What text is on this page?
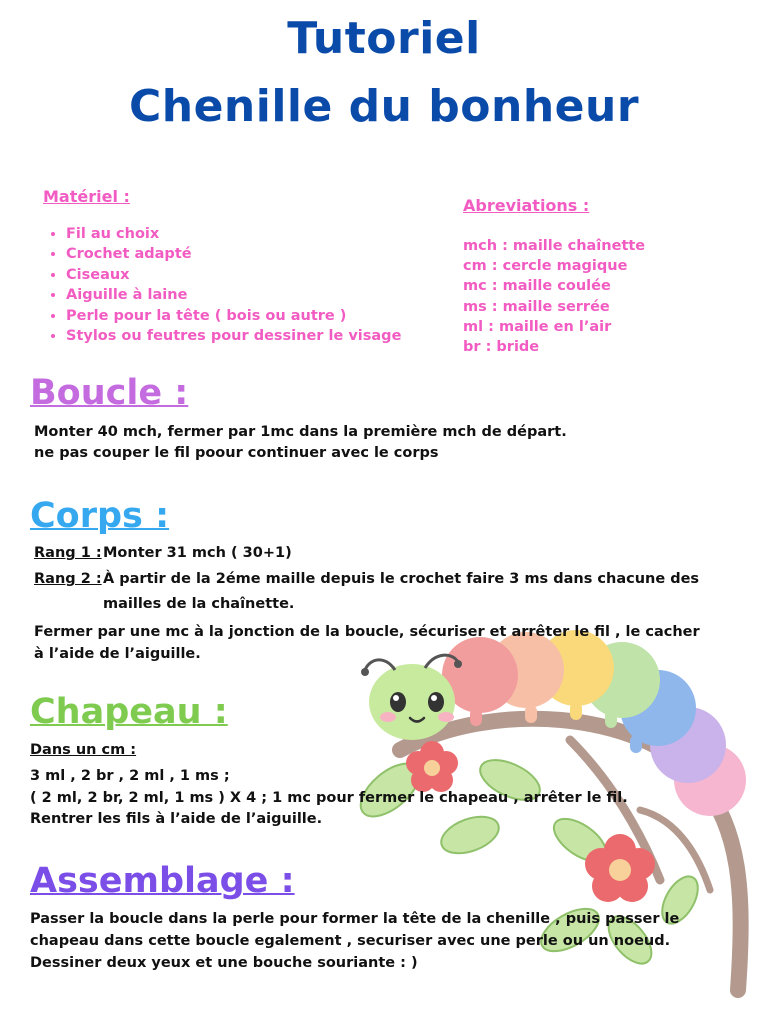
Tutoriel
Chenille du bonheur
Matériel :
• Fil au choix
• Crochet adapté
• Ciseaux
• Aiguille à laine
• Perle pour la tête ( bois ou autre )
• Stylos ou feutres pour dessiner le visage
Abreviations :
mch : maille chaînette
cm : cercle magique
mc : maille coulée
ms : maille serrée
ml : maille en l’air
br : bride
Boucle :
Monter 40 mch, fermer par 1mc dans la première mch de départ.
ne pas couper le fil poour continuer avec le corps
Corps :
Rang 1 : Monter 31 mch ( 30+1)
Rang 2 : À partir de la 2éme maille depuis le crochet faire 3 ms dans chacune des
mailles de la chaînette.
Fermer par une mc à la jonction de la boucle, sécuriser et arrêter le fil , le cacher
à l’aide de l’aiguille.
Chapeau :
Dans un cm :
3 ml , 2 br , 2 ml , 1 ms ;
( 2 ml, 2 br, 2 ml, 1 ms ) X 4 ; 1 mc pour fermer le chapeau , arrêter le fil.
Rentrer les fils à l’aide de l’aiguille.
Assemblage :
Passer la boucle dans la perle pour former la tête de la chenille , puis passer le
chapeau dans cette boucle egalement , securiser avec une perle ou un noeud.
Dessiner deux yeux et une bouche souriante : )
